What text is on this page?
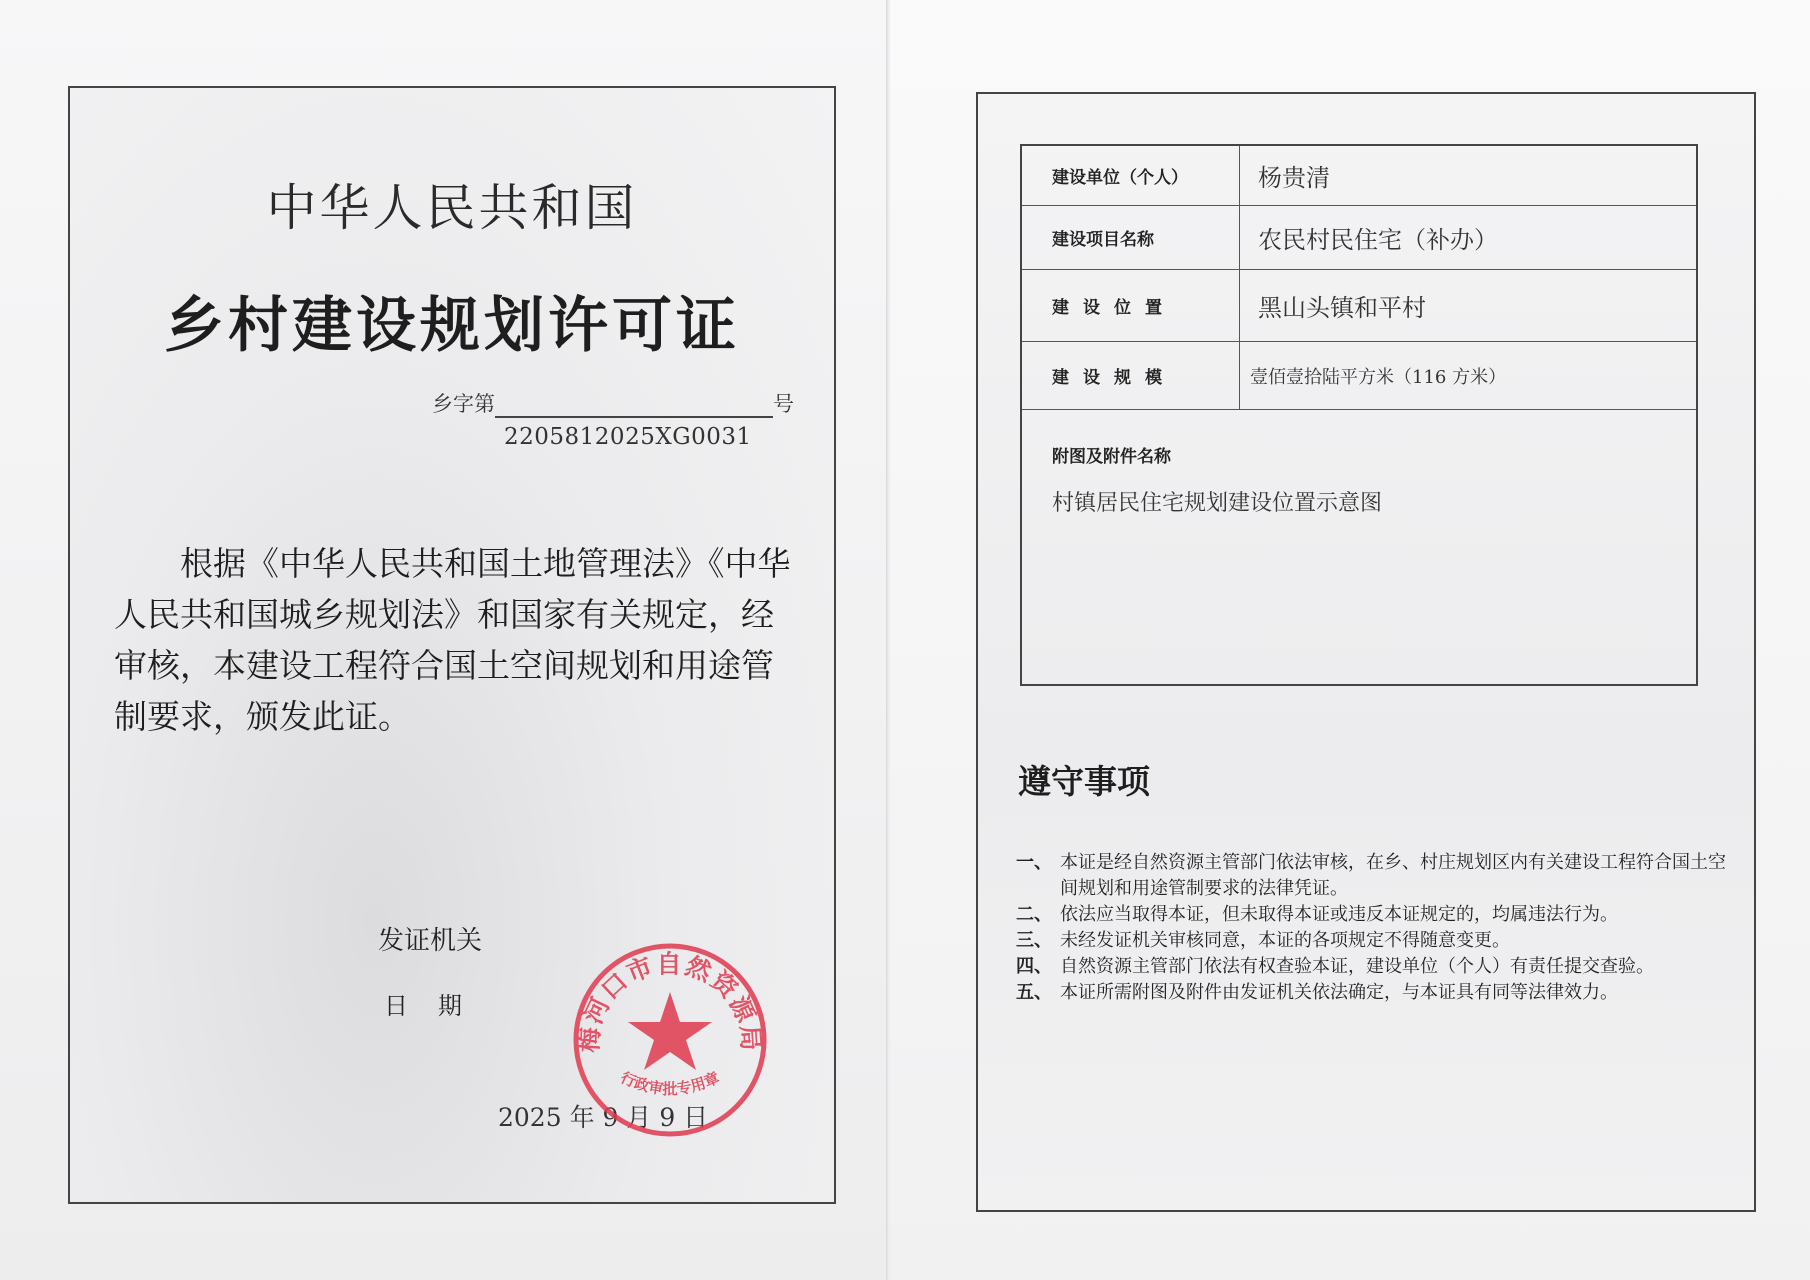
中华人民共和国
乡村建设规划许可证
乡字第	号
2205812025XG0031
根据《中华人民共和国土地管理法》《中华人民共和国城乡规划法》和国家有关规定，经审核，本建设工程符合国土空间规划和用途管制要求，颁发此证。
发证机关
日期
2025 年 9 月 9 日
梅河口市自然资源局
行政审批专用章
建设单位（个人）	杨贵清
建设项目名称	农民村民住宅（补办）
建设位置	黑山头镇和平村
建设规模	壹佰壹拾陆平方米（116 方米）
附图及附件名称
村镇居民住宅规划建设位置示意图
遵守事项
一、 本证是经自然资源主管部门依法审核，在乡、村庄规划区内有关建设工程符合国土空间规划和用途管制要求的法律凭证。
二、 依法应当取得本证，但未取得本证或违反本证规定的，均属违法行为。
三、 未经发证机关审核同意，本证的各项规定不得随意变更。
四、 自然资源主管部门依法有权查验本证，建设单位（个人）有责任提交查验。
五、 本证所需附图及附件由发证机关依法确定，与本证具有同等法律效力。
